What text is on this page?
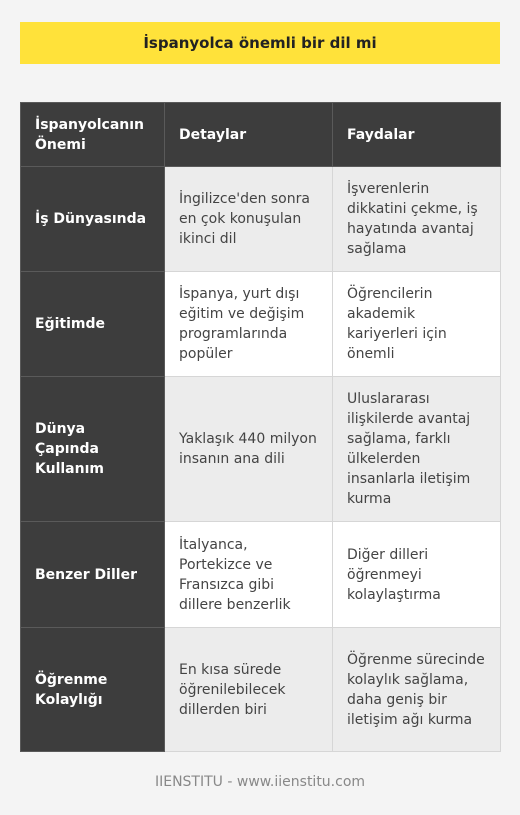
İspanyolca önemli bir dil mi
İspanyolcanın Önemi	Detaylar	Faydalar
İş Dünyasında	İngilizce'den sonra en çok konuşulan ikinci dil	İşverenlerin dikkatini çekme, iş hayatında avantaj sağlama
Eğitimde	İspanya, yurt dışı eğitim ve değişim programlarında popüler	Öğrencilerin akademik kariyerleri için önemli
Dünya Çapında Kullanım	Yaklaşık 440 milyon insanın ana dili	Uluslararası ilişkilerde avantaj sağlama, farklı ülkelerden insanlarla iletişim kurma
Benzer Diller	İtalyanca, Portekizce ve Fransızca gibi dillere benzerlik	Diğer dilleri öğrenmeyi kolaylaştırma
Öğrenme Kolaylığı	En kısa sürede öğrenilebilecek dillerden biri	Öğrenme sürecinde kolaylık sağlama, daha geniş bir iletişim ağı kurma
IIENSTITU - www.iienstitu.com
